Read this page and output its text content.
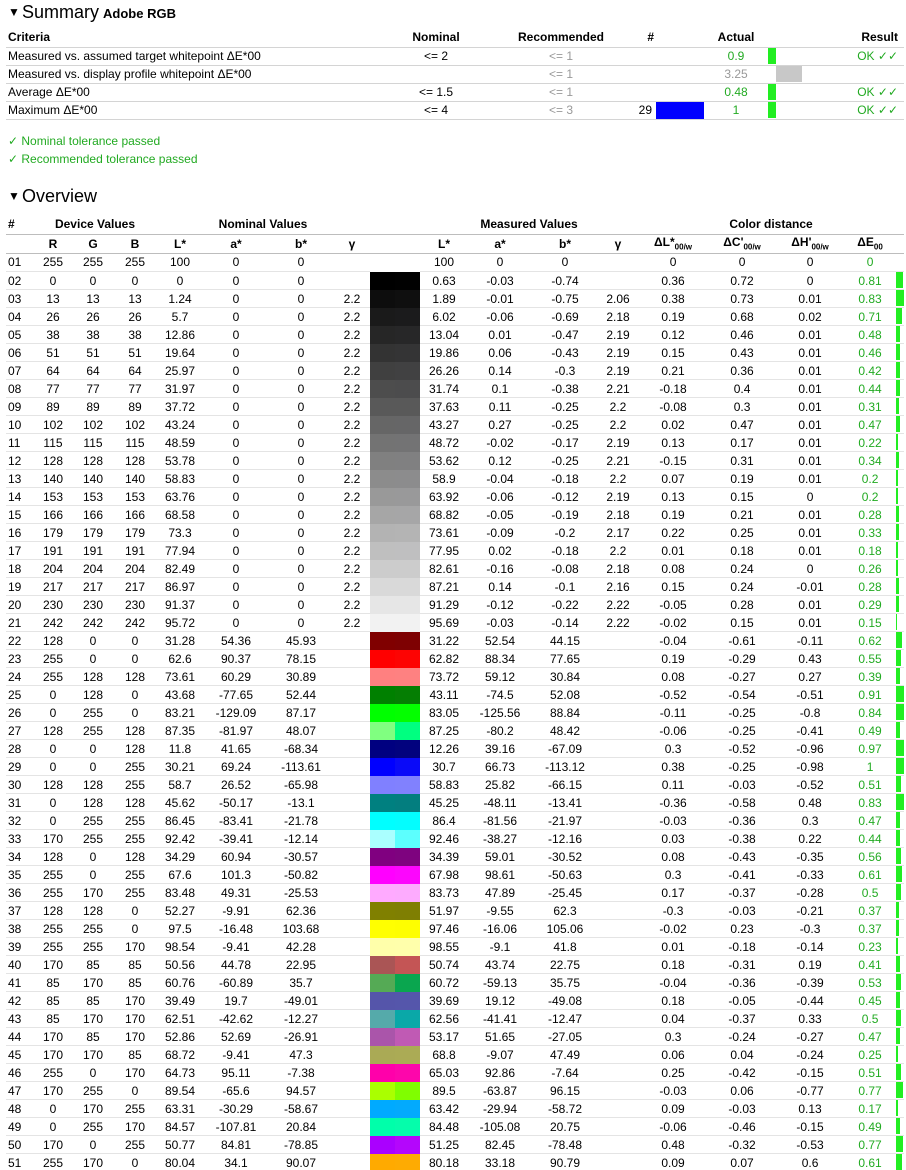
▼ Summary Adobe RGB
Criteria	Nominal	Recommended	#		Actual			Result
Measured vs. assumed target whitepoint ΔE*00	<= 2	<= 1			0.9			OK ✓✓
Measured vs. display profile whitepoint ΔE*00		<= 1			3.25	

Average ΔE*00	<= 1.5	<= 1			0.48			OK ✓✓
Maximum ΔE*00	<= 4	<= 3	29		1			OK ✓✓
✓ Nominal tolerance passed
✓ Recommended tolerance passed
▼ Overview
#	Device Values			Nominal Values					Measured Values				Color distance				
	R	G	B	L*	a*	b*	γ		L*	a*	b*	γ	$\Delta L*_{00/w}$	$\Delta C'_{00/w}$	$\Delta H'_{00/w}$	$\Delta E_{00}$	
01	255	255	255	100	0	0			100	0	0		0	0	0	0	

02	0	0	0	0	0	0			0.63	-0.03	-0.74		0.36	0.72	0	0.81	

03	13	13	13	1.24	0	0	2.2		1.89	-0.01	-0.75	2.06	0.38	0.73	0.01	0.83	

04	26	26	26	5.7	0	0	2.2		6.02	-0.06	-0.69	2.18	0.19	0.68	0.02	0.71	

05	38	38	38	12.86	0	0	2.2		13.04	0.01	-0.47	2.19	0.12	0.46	0.01	0.48	

06	51	51	51	19.64	0	0	2.2		19.86	0.06	-0.43	2.19	0.15	0.43	0.01	0.46	

07	64	64	64	25.97	0	0	2.2		26.26	0.14	-0.3	2.19	0.21	0.36	0.01	0.42	

08	77	77	77	31.97	0	0	2.2		31.74	0.1	-0.38	2.21	-0.18	0.4	0.01	0.44	

09	89	89	89	37.72	0	0	2.2		37.63	0.11	-0.25	2.2	-0.08	0.3	0.01	0.31	

10	102	102	102	43.24	0	0	2.2		43.27	0.27	-0.25	2.2	0.02	0.47	0.01	0.47	

11	115	115	115	48.59	0	0	2.2		48.72	-0.02	-0.17	2.19	0.13	0.17	0.01	0.22	

12	128	128	128	53.78	0	0	2.2		53.62	0.12	-0.25	2.21	-0.15	0.31	0.01	0.34	

13	140	140	140	58.83	0	0	2.2		58.9	-0.04	-0.18	2.2	0.07	0.19	0.01	0.2	

14	153	153	153	63.76	0	0	2.2		63.92	-0.06	-0.12	2.19	0.13	0.15	0	0.2	

15	166	166	166	68.58	0	0	2.2		68.82	-0.05	-0.19	2.18	0.19	0.21	0.01	0.28	

16	179	179	179	73.3	0	0	2.2		73.61	-0.09	-0.2	2.17	0.22	0.25	0.01	0.33	

17	191	191	191	77.94	0	0	2.2		77.95	0.02	-0.18	2.2	0.01	0.18	0.01	0.18	

18	204	204	204	82.49	0	0	2.2		82.61	-0.16	-0.08	2.18	0.08	0.24	0	0.26	

19	217	217	217	86.97	0	0	2.2		87.21	0.14	-0.1	2.16	0.15	0.24	-0.01	0.28	

20	230	230	230	91.37	0	0	2.2		91.29	-0.12	-0.22	2.22	-0.05	0.28	0.01	0.29	

21	242	242	242	95.72	0	0	2.2		95.69	-0.03	-0.14	2.22	-0.02	0.15	0.01	0.15	

22	128	0	0	31.28	54.36	45.93			31.22	52.54	44.15		-0.04	-0.61	-0.11	0.62	

23	255	0	0	62.6	90.37	78.15			62.82	88.34	77.65		0.19	-0.29	0.43	0.55	

24	255	128	128	73.61	60.29	30.89			73.72	59.12	30.84		0.08	-0.27	0.27	0.39	

25	0	128	0	43.68	-77.65	52.44			43.11	-74.5	52.08		-0.52	-0.54	-0.51	0.91	

26	0	255	0	83.21	-129.09	87.17			83.05	-125.56	88.84		-0.11	-0.25	-0.8	0.84	

27	128	255	128	87.35	-81.97	48.07			87.25	-80.2	48.42		-0.06	-0.25	-0.41	0.49	

28	0	0	128	11.8	41.65	-68.34			12.26	39.16	-67.09		0.3	-0.52	-0.96	0.97	

29	0	0	255	30.21	69.24	-113.61			30.7	66.73	-113.12		0.38	-0.25	-0.98	1	

30	128	128	255	58.7	26.52	-65.98			58.83	25.82	-66.15		0.11	-0.03	-0.52	0.51	

31	0	128	128	45.62	-50.17	-13.1			45.25	-48.11	-13.41		-0.36	-0.58	0.48	0.83	

32	0	255	255	86.45	-83.41	-21.78			86.4	-81.56	-21.97		-0.03	-0.36	0.3	0.47	

33	170	255	255	92.42	-39.41	-12.14			92.46	-38.27	-12.16		0.03	-0.38	0.22	0.44	

34	128	0	128	34.29	60.94	-30.57			34.39	59.01	-30.52		0.08	-0.43	-0.35	0.56	

35	255	0	255	67.6	101.3	-50.82			67.98	98.61	-50.63		0.3	-0.41	-0.33	0.61	

36	255	170	255	83.48	49.31	-25.53			83.73	47.89	-25.45		0.17	-0.37	-0.28	0.5	

37	128	128	0	52.27	-9.91	62.36			51.97	-9.55	62.3		-0.3	-0.03	-0.21	0.37	

38	255	255	0	97.5	-16.48	103.68			97.46	-16.06	105.06		-0.02	0.23	-0.3	0.37	

39	255	255	170	98.54	-9.41	42.28			98.55	-9.1	41.8		0.01	-0.18	-0.14	0.23	

40	170	85	85	50.56	44.78	22.95			50.74	43.74	22.75		0.18	-0.31	0.19	0.41	

41	85	170	85	60.76	-60.89	35.7			60.72	-59.13	35.75		-0.04	-0.36	-0.39	0.53	

42	85	85	170	39.49	19.7	-49.01			39.69	19.12	-49.08		0.18	-0.05	-0.44	0.45	

43	85	170	170	62.51	-42.62	-12.27			62.56	-41.41	-12.47		0.04	-0.37	0.33	0.5	

44	170	85	170	52.86	52.69	-26.91			53.17	51.65	-27.05		0.3	-0.24	-0.27	0.47	

45	170	170	85	68.72	-9.41	47.3			68.8	-9.07	47.49		0.06	0.04	-0.24	0.25	

46	255	0	170	64.73	95.11	-7.38			65.03	92.86	-7.64		0.25	-0.42	-0.15	0.51	

47	170	255	0	89.54	-65.6	94.57			89.5	-63.87	96.15		-0.03	0.06	-0.77	0.77	

48	0	170	255	63.31	-30.29	-58.67			63.42	-29.94	-58.72		0.09	-0.03	0.13	0.17	

49	0	255	170	84.57	-107.81	20.84			84.48	-105.08	20.75		-0.06	-0.46	-0.15	0.49	

50	170	0	255	50.77	84.81	-78.85			51.25	82.45	-78.48		0.48	-0.32	-0.53	0.77	

51	255	170	0	80.04	34.1	90.07			80.18	33.18	90.79		0.09	0.07	0.6	0.61	
